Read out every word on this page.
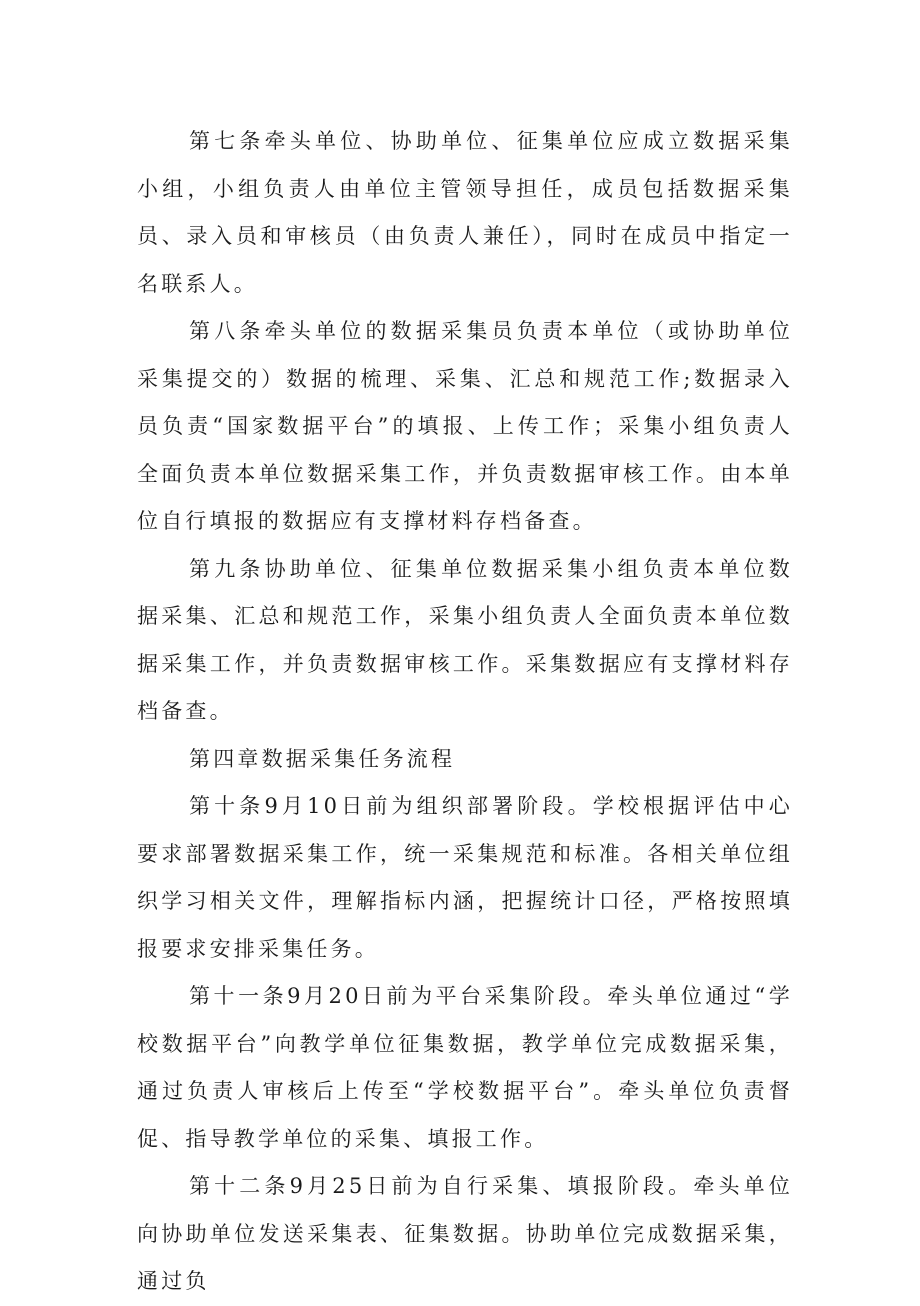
第七条牵头单位、协助单位、征集单位应成立数据采集小组，小组负责人由单位主管领导担任，成员包括数据采集员、录入员和审核员（由负责人兼任），同时在成员中指定一名联系人。

第八条牵头单位的数据采集员负责本单位（或协助单位采集提交的）数据的梳理、采集、汇总和规范工作;数据录入员负责“国家数据平台”的填报、上传工作；采集小组负责人全面负责本单位数据采集工作，并负责数据审核工作。由本单位自行填报的数据应有支撑材料存档备查。

第九条协助单位、征集单位数据采集小组负责本单位数据采集、汇总和规范工作，采集小组负责人全面负责本单位数据采集工作，并负责数据审核工作。采集数据应有支撑材料存档备查。

第四章数据采集任务流程

第十条9月10日前为组织部署阶段。学校根据评估中心要求部署数据采集工作，统一采集规范和标准。各相关单位组织学习相关文件，理解指标内涵，把握统计口径，严格按照填报要求安排采集任务。

第十一条9月20日前为平台采集阶段。牵头单位通过“学校数据平台”向教学单位征集数据，教学单位完成数据采集，通过负责人审核后上传至“学校数据平台”。牵头单位负责督促、指导教学单位的采集、填报工作。

第十二条9月25日前为自行采集、填报阶段。牵头单位向协助单位发送采集表、征集数据。协助单位完成数据采集，通过负
